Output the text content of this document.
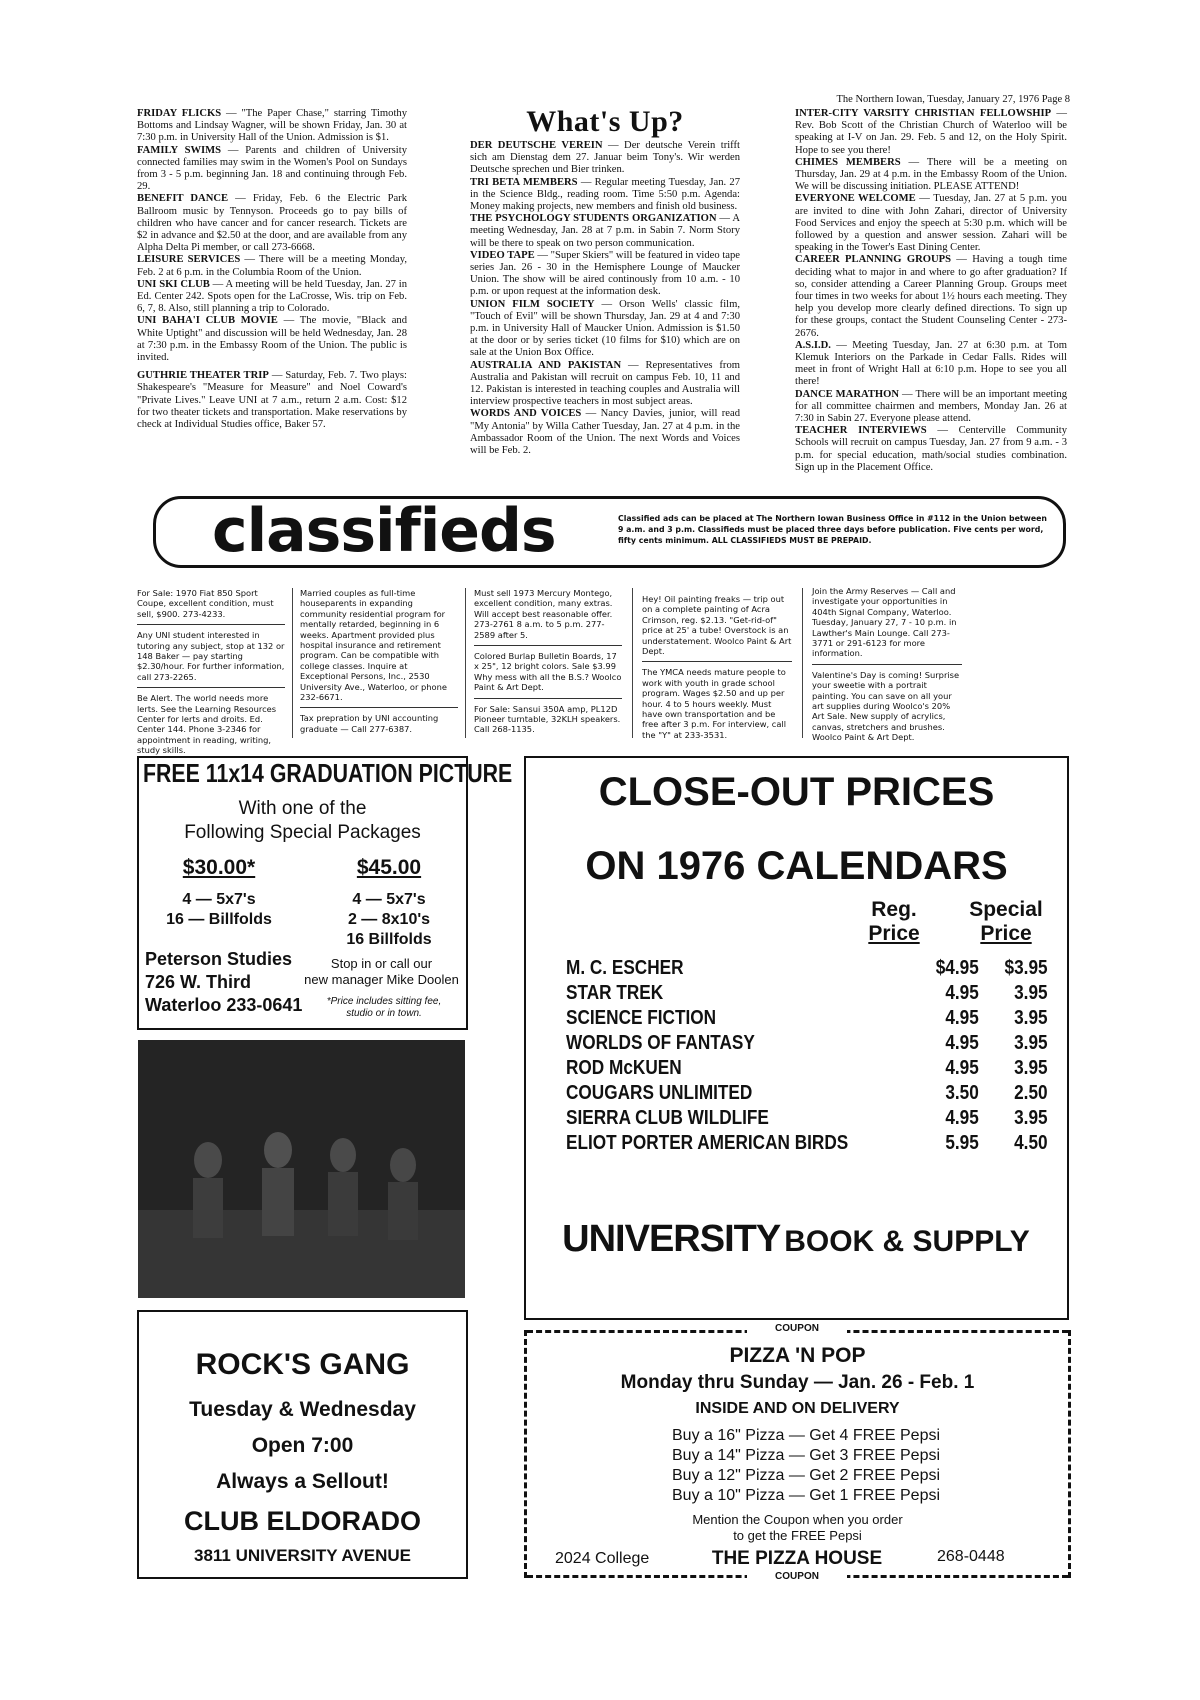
The Northern Iowan, Tuesday, January 27, 1976 Page 8

FRIDAY FLICKS — "The Paper Chase," starring Timothy Bottoms and Lindsay Wagner, will be shown Friday, Jan. 30 at 7:30 p.m. in University Hall of the Union. Admission is $1.

FAMILY SWIMS — Parents and children of University connected families may swim in the Women's Pool on Sundays from 3 - 5 p.m. beginning Jan. 18 and continuing through Feb. 29.

BENEFIT DANCE — Friday, Feb. 6 the Electric Park Ballroom music by Tennyson. Proceeds go to pay bills of children who have cancer and for cancer research. Tickets are $2 in advance and $2.50 at the door, and are available from any Alpha Delta Pi member, or call 273-6668.

LEISURE SERVICES — There will be a meeting Monday, Feb. 2 at 6 p.m. in the Columbia Room of the Union.

UNI SKI CLUB — A meeting will be held Tuesday, Jan. 27 in Ed. Center 242. Spots open for the LaCrosse, Wis. trip on Feb. 6, 7, 8. Also, still planning a trip to Colorado.

UNI BAHA'I CLUB MOVIE — The movie, "Black and White Uptight" and discussion will be held Wednesday, Jan. 28 at 7:30 p.m. in the Embassy Room of the Union. The public is invited.

GUTHRIE THEATER TRIP — Saturday, Feb. 7. Two plays: Shakespeare's "Measure for Measure" and Noel Coward's "Private Lives." Leave UNI at 7 a.m., return 2 a.m. Cost: $12 for two theater tickets and transportation. Make reservations by check at Individual Studies office, Baker 57.

What's Up?

DER DEUTSCHE VEREIN — Der deutsche Verein trifft sich am Dienstag dem 27. Januar beim Tony's. Wir werden Deutsche sprechen und Bier trinken.

TRI BETA MEMBERS — Regular meeting Tuesday, Jan. 27 in the Science Bldg., reading room. Time 5:50 p.m. Agenda: Money making projects, new members and finish old business.

THE PSYCHOLOGY STUDENTS ORGANIZATION — A meeting Wednesday, Jan. 28 at 7 p.m. in Sabin 7. Norm Story will be there to speak on two person communication.

VIDEO TAPE — "Super Skiers" will be featured in video tape series Jan. 26 - 30 in the Hemisphere Lounge of Maucker Union. The show will be aired continously from 10 a.m. - 10 p.m. or upon request at the information desk.

UNION FILM SOCIETY — Orson Wells' classic film, "Touch of Evil" will be shown Thursday, Jan. 29 at 4 and 7:30 p.m. in University Hall of Maucker Union. Admission is $1.50 at the door or by series ticket (10 films for $10) which are on sale at the Union Box Office.

AUSTRALIA AND PAKISTAN — Representatives from Australia and Pakistan will recruit on campus Feb. 10, 11 and 12. Pakistan is interested in teaching couples and Australia will interview prospective teachers in most subject areas.

WORDS AND VOICES — Nancy Davies, junior, will read "My Antonia" by Willa Cather Tuesday, Jan. 27 at 4 p.m. in the Ambassador Room of the Union. The next Words and Voices will be Feb. 2.

INTER-CITY VARSITY CHRISTIAN FELLOWSHIP — Rev. Bob Scott of the Christian Church of Waterloo will be speaking at I-V on Jan. 29. Feb. 5 and 12, on the Holy Spirit. Hope to see you there!

CHIMES MEMBERS — There will be a meeting on Thursday, Jan. 29 at 4 p.m. in the Embassy Room of the Union. We will be discussing initiation. PLEASE ATTEND!

EVERYONE WELCOME — Tuesday, Jan. 27 at 5 p.m. you are invited to dine with John Zahari, director of University Food Services and enjoy the speech at 5:30 p.m. which will be followed by a question and answer session. Zahari will be speaking in the Tower's East Dining Center.

CAREER PLANNING GROUPS — Having a tough time deciding what to major in and where to go after graduation? If so, consider attending a Career Planning Group. Groups meet four times in two weeks for about 1½ hours each meeting. They help you develop more clearly defined directions. To sign up for these groups, contact the Student Counseling Center - 273-2676.

A.S.I.D. — Meeting Tuesday, Jan. 27 at 6:30 p.m. at Tom Klemuk Interiors on the Parkade in Cedar Falls. Rides will meet in front of Wright Hall at 6:10 p.m. Hope to see you all there!

DANCE MARATHON — There will be an important meeting for all committee chairmen and members, Monday Jan. 26 at 7:30 in Sabin 27. Everyone please attend.

TEACHER INTERVIEWS — Centerville Community Schools will recruit on campus Tuesday, Jan. 27 from 9 a.m. - 3 p.m. for special education, math/social studies combination. Sign up in the Placement Office.

classifieds	Classified ads can be placed at The Northern Iowan Business Office in #112 in the Union between 9 a.m. and 3 p.m. Classifieds must be placed three days before publication. Five cents per word, fifty cents minimum. ALL CLASSIFIEDS MUST BE PREPAID.

For Sale: 1970 Fiat 850 Sport Coupe, excellent condition, must sell, $900. 273-4233.

Any UNI student interested in tutoring any subject, stop at 132 or 148 Baker — pay starting $2.30/hour. For further information, call 273-2265.

Be Alert. The world needs more lerts. See the Learning Resources Center for lerts and droits. Ed. Center 144. Phone 3-2346 for appointment in reading, writing, study skills.

Married couples as full-time houseparents in expanding community residential program for mentally retarded, beginning in 6 weeks. Apartment provided plus hospital insurance and retirement program. Can be compatible with college classes. Inquire at Exceptional Persons, Inc., 2530 University Ave., Waterloo, or phone 232-6671.

Tax prepration by UNI accounting graduate — Call 277-6387.

Must sell 1973 Mercury Montego, excellent condition, many extras. Will accept best reasonable offer. 273-2761 8 a.m. to 5 p.m. 277-2589 after 5.

Colored Burlap Bulletin Boards, 17 x 25", 12 bright colors. Sale $3.99 Why mess with all the B.S.? Woolco Paint & Art Dept.

For Sale: Sansui 350A amp, PL12D Pioneer turntable, 32KLH speakers. Call 268-1135.

Hey! Oil painting freaks — trip out on a complete painting of Acra Crimson, reg. $2.13. "Get-rid-of" price at 25' a tube! Overstock is an understatement. Woolco Paint & Art Dept.

The YMCA needs mature people to work with youth in grade school program. Wages $2.50 and up per hour. 4 to 5 hours weekly. Must have own transportation and be free after 3 p.m. For interview, call the "Y" at 233-3531.

Join the Army Reserves — Call and investigate your opportunities in 404th Signal Company, Waterloo. Tuesday, January 27, 7 - 10 p.m. in Lawther's Main Lounge. Call 273-3771 or 291-6123 for more information.

Valentine's Day is coming! Surprise your sweetie with a portrait painting. You can save on all your art supplies during Woolco's 20% Art Sale. New supply of acrylics, canvas, stretchers and brushes. Woolco Paint & Art Dept.

FREE 11x14 GRADUATION PICTURE
With one of the
Following Special Packages
$30.00*	$45.00
4 — 5x7's
16 — Billfolds
4 — 5x7's
2 — 8x10's
16 Billfolds
Peterson Studies
726 W. Third
Waterloo 233-0641
Stop in or call our
new manager Mike Doolen
*Price includes sitting fee,
studio or in town.
ROCK'S GANG
Tuesday & Wednesday
Open 7:00
Always a Sellout!
CLUB ELDORADO
3811 UNIVERSITY AVENUE
CLOSE-OUT PRICES
ON 1976 CALENDARS
Reg.
Price
Special
Price
M. C. ESCHER	$4.95	$3.95
STAR TREK	4.95	3.95
SCIENCE FICTION	4.95	3.95
WORLDS OF FANTASY	4.95	3.95
ROD McKUEN	4.95	3.95
COUGARS UNLIMITED	3.50	2.50
SIERRA CLUB WILDLIFE	4.95	3.95
ELIOT PORTER AMERICAN BIRDS	5.95	4.50
UNIVERSITY BOOK & SUPPLY
COUPON
COUPON
PIZZA 'N POP
Monday thru Sunday — Jan. 26 - Feb. 1
INSIDE AND ON DELIVERY
Buy a 16" Pizza — Get 4 FREE Pepsi
Buy a 14" Pizza — Get 3 FREE Pepsi
Buy a 12" Pizza — Get 2 FREE Pepsi
Buy a 10" Pizza — Get 1 FREE Pepsi
Mention the Coupon when you order
to get the FREE Pepsi
2024 College	THE PIZZA HOUSE	268-0448
